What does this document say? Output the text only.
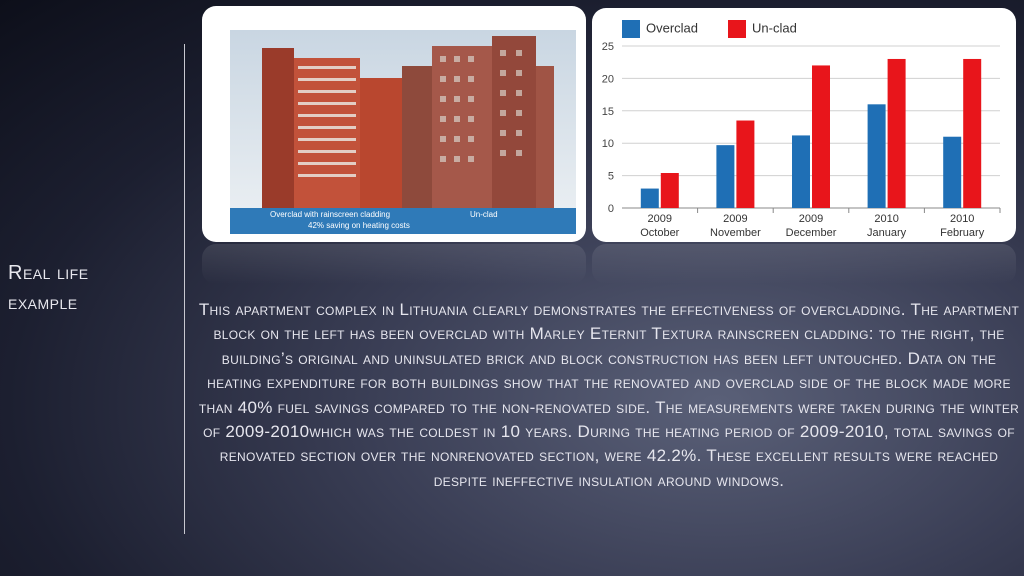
Real life
example
Overclad with rainscreen cladding
42% saving on heating costs
Un-clad
Overclad	Un-clad
0
5
10
15
20
25
2009
October
2009
November
2009
December
2010
January
2010
February
This apartment complex in Lithuania clearly demonstrates the effectiveness of overcladding. The apartment block on the left has been overclad with Marley Eternit Textura rainscreen cladding: to the right, the building’s original and uninsulated brick and block construction has been left untouched. Data on the heating expenditure for both buildings show that the renovated and overclad side of the block made more than 40% fuel savings compared to the non-renovated side. The measurements were taken during the winter of 2009-2010which was the coldest in 10 years. During the heating period of 2009-2010, total savings of renovated section over the nonrenovated section, were 42.2%. These excellent results were reached despite ineffective insulation around windows.
